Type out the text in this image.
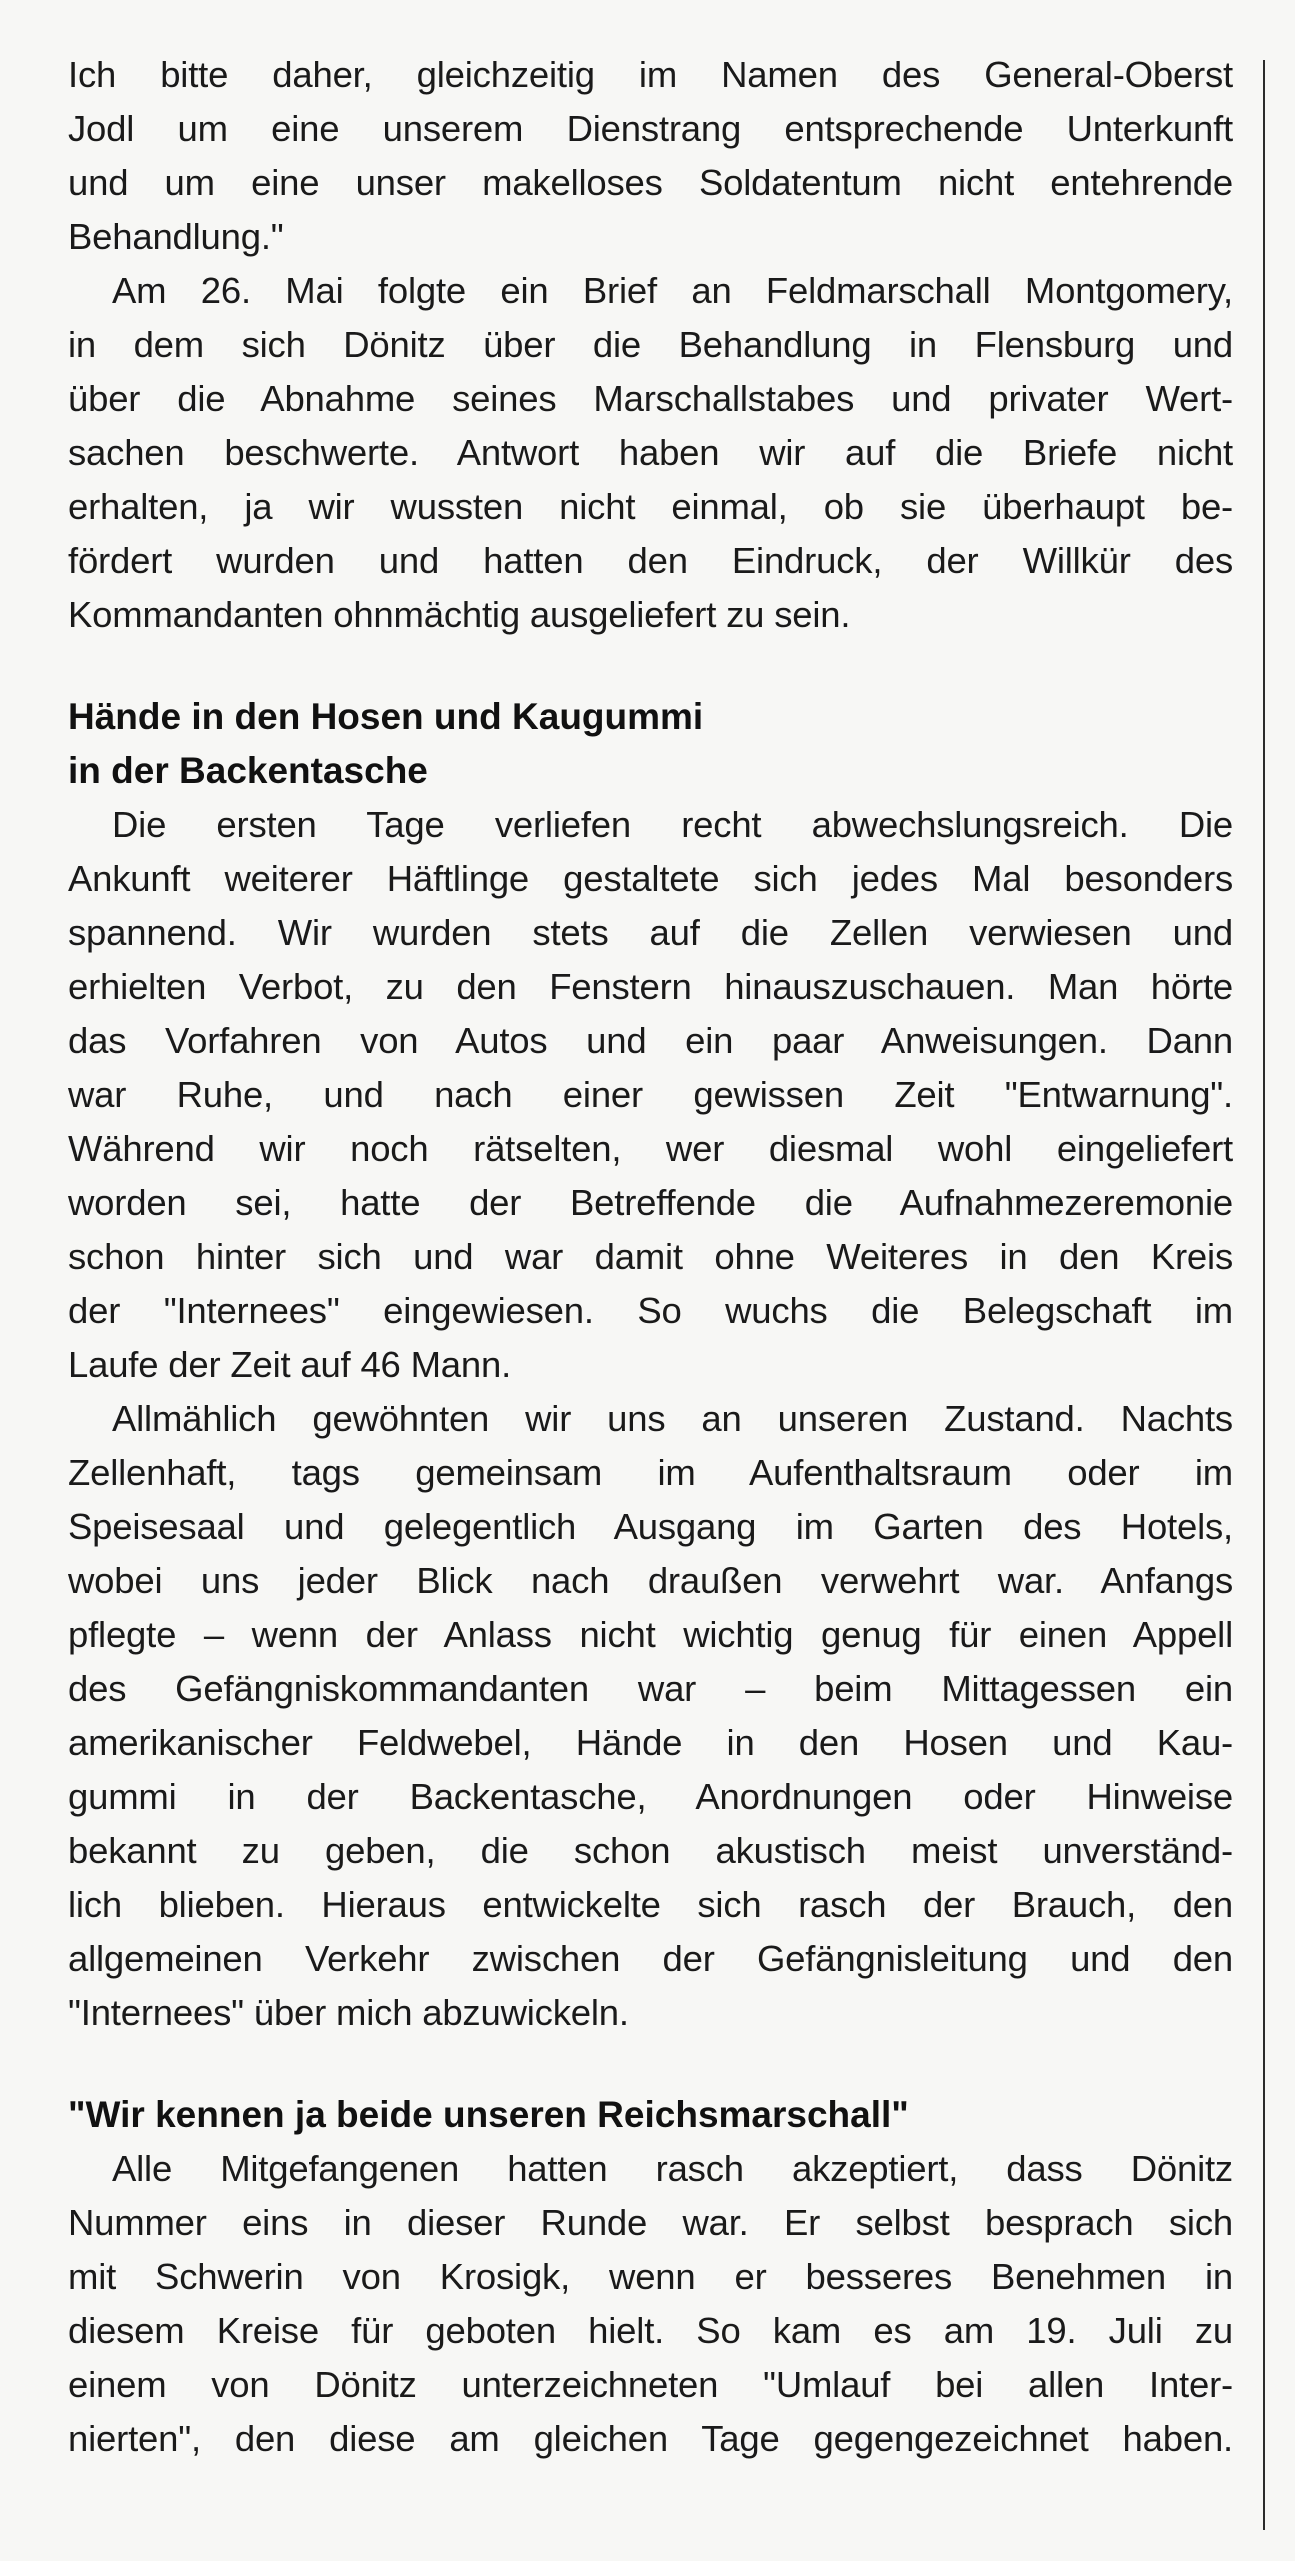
Ich bitte daher, gleichzeitig im Namen des General-Oberst
Jodl um eine unserem Dienstrang entsprechende Unterkunft
und um eine unser makelloses Soldatentum nicht entehrende
Behandlung."
Am 26. Mai folgte ein Brief an Feldmarschall Montgomery,
in dem sich Dönitz über die Behandlung in Flensburg und
über die Abnahme seines Marschallstabes und privater Wert-
sachen beschwerte. Antwort haben wir auf die Briefe nicht
erhalten, ja wir wussten nicht einmal, ob sie überhaupt be-
fördert wurden und hatten den Eindruck, der Willkür des
Kommandanten ohnmächtig ausgeliefert zu sein.
Hände in den Hosen und Kaugummi
in der Backentasche
Die ersten Tage verliefen recht abwechslungsreich. Die
Ankunft weiterer Häftlinge gestaltete sich jedes Mal besonders
spannend. Wir wurden stets auf die Zellen verwiesen und
erhielten Verbot, zu den Fenstern hinauszuschauen. Man hörte
das Vorfahren von Autos und ein paar Anweisungen. Dann
war Ruhe, und nach einer gewissen Zeit "Entwarnung".
Während wir noch rätselten, wer diesmal wohl eingeliefert
worden sei, hatte der Betreffende die Aufnahmezeremonie
schon hinter sich und war damit ohne Weiteres in den Kreis
der "Internees" eingewiesen. So wuchs die Belegschaft im
Laufe der Zeit auf 46 Mann.
Allmählich gewöhnten wir uns an unseren Zustand. Nachts
Zellenhaft, tags gemeinsam im Aufenthaltsraum oder im
Speisesaal und gelegentlich Ausgang im Garten des Hotels,
wobei uns jeder Blick nach draußen verwehrt war. Anfangs
pflegte – wenn der Anlass nicht wichtig genug für einen Appell
des Gefängniskommandanten war – beim Mittagessen ein
amerikanischer Feldwebel, Hände in den Hosen und Kau-
gummi in der Backentasche, Anordnungen oder Hinweise
bekannt zu geben, die schon akustisch meist unverständ-
lich blieben. Hieraus entwickelte sich rasch der Brauch, den
allgemeinen Verkehr zwischen der Gefängnisleitung und den
"Internees" über mich abzuwickeln.
"Wir kennen ja beide unseren Reichsmarschall"
Alle Mitgefangenen hatten rasch akzeptiert, dass Dönitz
Nummer eins in dieser Runde war. Er selbst besprach sich
mit Schwerin von Krosigk, wenn er besseres Benehmen in
diesem Kreise für geboten hielt. So kam es am 19. Juli zu
einem von Dönitz unterzeichneten "Umlauf bei allen Inter-
nierten", den diese am gleichen Tage gegengezeichnet haben.
